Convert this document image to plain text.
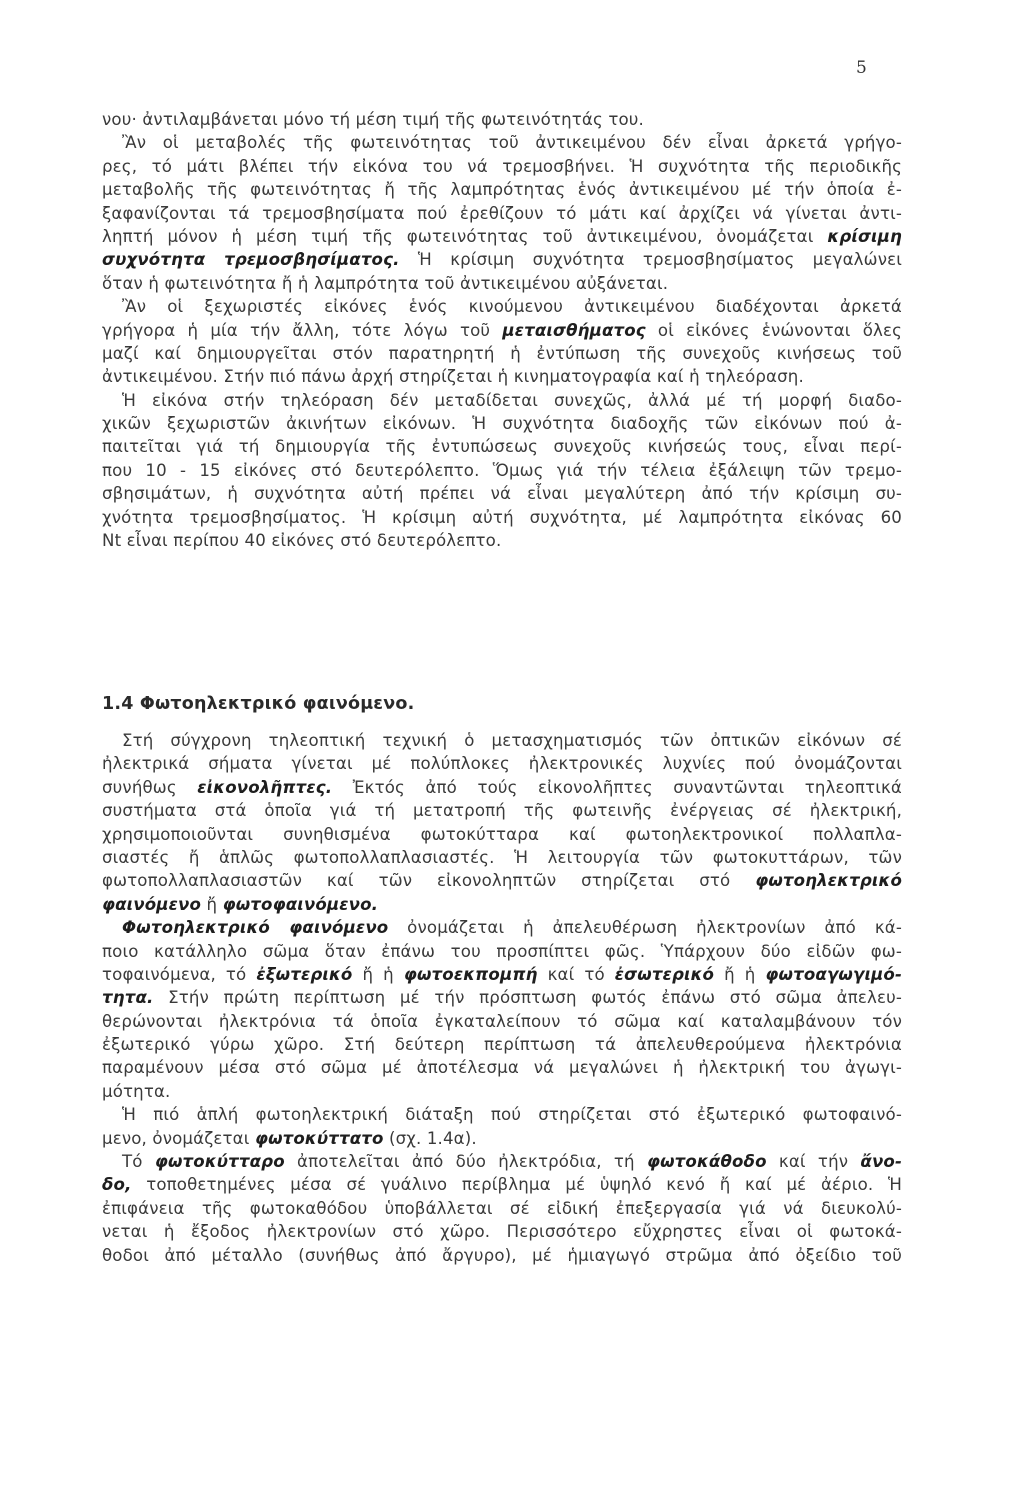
5
νου· ἀντιλαμβάνεται μόνο τή μέση τιμή τῆς φωτεινότητάς του.
Ἂν οἱ μεταβολές τῆς φωτεινότητας τοῦ ἀντικειμένου δέν εἶναι ἀρκετά γρήγο-
ρες, τό μάτι βλέπει τήν εἰκόνα του νά τρεμοσβήνει. Ἡ συχνότητα τῆς περιοδικῆς
μεταβολῆς τῆς φωτεινότητας ἤ τῆς λαμπρότητας ἑνός ἀντικειμένου μέ τήν ὁποία ἐ-
ξαφανίζονται τά τρεμοσβησίματα πού ἐρεθίζουν τό μάτι καί ἀρχίζει νά γίνεται ἀντι-
ληπτή μόνον ἡ μέση τιμή τῆς φωτεινότητας τοῦ ἀντικειμένου, ὀνομάζεται κρίσιμη
συχνότητα τρεμοσβησίματος. Ἡ κρίσιμη συχνότητα τρεμοσβησίματος μεγαλώνει
ὅταν ἡ φωτεινότητα ἤ ἡ λαμπρότητα τοῦ ἀντικειμένου αὐξάνεται.
Ἂν οἱ ξεχωριστές εἰκόνες ἑνός κινούμενου ἀντικειμένου διαδέχονται ἀρκετά
γρήγορα ἡ μία τήν ἄλλη, τότε λόγω τοῦ μεταισθήματος οἱ εἰκόνες ἑνώνονται ὅλες
μαζί καί δημιουργεῖται στόν παρατηρητή ἡ ἐντύπωση τῆς συνεχοῦς κινήσεως τοῦ
ἀντικειμένου. Στήν πιό πάνω ἀρχή στηρίζεται ἡ κινηματογραφία καί ἡ τηλεόραση.
Ἡ εἰκόνα στήν τηλεόραση δέν μεταδίδεται συνεχῶς, ἀλλά μέ τή μορφή διαδο-
χικῶν ξεχωριστῶν ἀκινήτων εἰκόνων. Ἡ συχνότητα διαδοχῆς τῶν εἰκόνων πού ἀ-
παιτεῖται γιά τή δημιουργία τῆς ἐντυπώσεως συνεχοῦς κινήσεώς τους, εἶναι περί-
που 10 - 15 εἰκόνες στό δευτερόλεπτο. Ὅμως γιά τήν τέλεια ἐξάλειψη τῶν τρεμο-
σβησιμάτων, ἡ συχνότητα αὐτή πρέπει νά εἶναι μεγαλύτερη ἀπό τήν κρίσιμη συ-
χνότητα τρεμοσβησίματος. Ἡ κρίσιμη αὐτή συχνότητα, μέ λαμπρότητα εἰκόνας 60
Nt εἶναι περίπου 40 εἰκόνες στό δευτερόλεπτο.
1.4 Φωτοηλεκτρικό φαινόμενο.
Στή σύγχρονη τηλεοπτική τεχνική ὁ μετασχηματισμός τῶν ὀπτικῶν εἰκόνων σέ
ἠλεκτρικά σήματα γίνεται μέ πολύπλοκες ἠλεκτρονικές λυχνίες πού ὀνομάζονται
συνήθως εἰκονολῆπτες. Ἐκτός ἀπό τούς εἰκονολῆπτες συναντῶνται τηλεοπτικά
συστήματα στά ὁποῖα γιά τή μετατροπή τῆς φωτεινῆς ἐνέργειας σέ ἠλεκτρική,
χρησιμοποιοῦνται συνηθισμένα φωτοκύτταρα καί φωτοηλεκτρονικοί πολλαπλα-
σιαστές ἤ ἁπλῶς φωτοπολλαπλασιαστές. Ἡ λειτουργία τῶν φωτοκυττάρων, τῶν
φωτοπολλαπλασιαστῶν καί τῶν εἰκονοληπτῶν στηρίζεται στό φωτοηλεκτρικό
φαινόμενο ἤ φωτοφαινόμενο.
Φωτοηλεκτρικό φαινόμενο ὀνομάζεται ἡ ἀπελευθέρωση ἠλεκτρονίων ἀπό κά-
ποιο κατάλληλο σῶμα ὅταν ἐπάνω του προσπίπτει φῶς. Ὑπάρχουν δύο εἰδῶν φω-
τοφαινόμενα, τό ἐξωτερικό ἤ ἡ φωτοεκπομπή καί τό ἐσωτερικό ἤ ἡ φωτοαγωγιμό-
τητα. Στήν πρώτη περίπτωση μέ τήν πρόσπτωση φωτός ἐπάνω στό σῶμα ἀπελευ-
θερώνονται ἠλεκτρόνια τά ὁποῖα ἐγκαταλείπουν τό σῶμα καί καταλαμβάνουν τόν
ἐξωτερικό γύρω χῶρο. Στή δεύτερη περίπτωση τά ἀπελευθερούμενα ἠλεκτρόνια
παραμένουν μέσα στό σῶμα μέ ἀποτέλεσμα νά μεγαλώνει ἡ ἠλεκτρική του ἀγωγι-
μότητα.
Ἡ πιό ἁπλή φωτοηλεκτρική διάταξη πού στηρίζεται στό ἐξωτερικό φωτοφαινό-
μενο, ὀνομάζεται φωτοκύττατο (σχ. 1.4α).
Τό φωτοκύτταρο ἀποτελεῖται ἀπό δύο ἠλεκτρόδια, τή φωτοκάθοδο καί τήν ἄνο-
δο, τοποθετημένες μέσα σέ γυάλινο περίβλημα μέ ὑψηλό κενό ἤ καί μέ ἀέριο. Ἡ
ἐπιφάνεια τῆς φωτοκαθόδου ὑποβάλλεται σέ εἰδική ἐπεξεργασία γιά νά διευκολύ-
νεται ἡ ἔξοδος ἠλεκτρονίων στό χῶρο. Περισσότερο εὔχρηστες εἶναι οἱ φωτοκά-
θοδοι ἀπό μέταλλο (συνήθως ἀπό ἄργυρο), μέ ἡμιαγωγό στρῶμα ἀπό ὀξείδιο τοῦ
